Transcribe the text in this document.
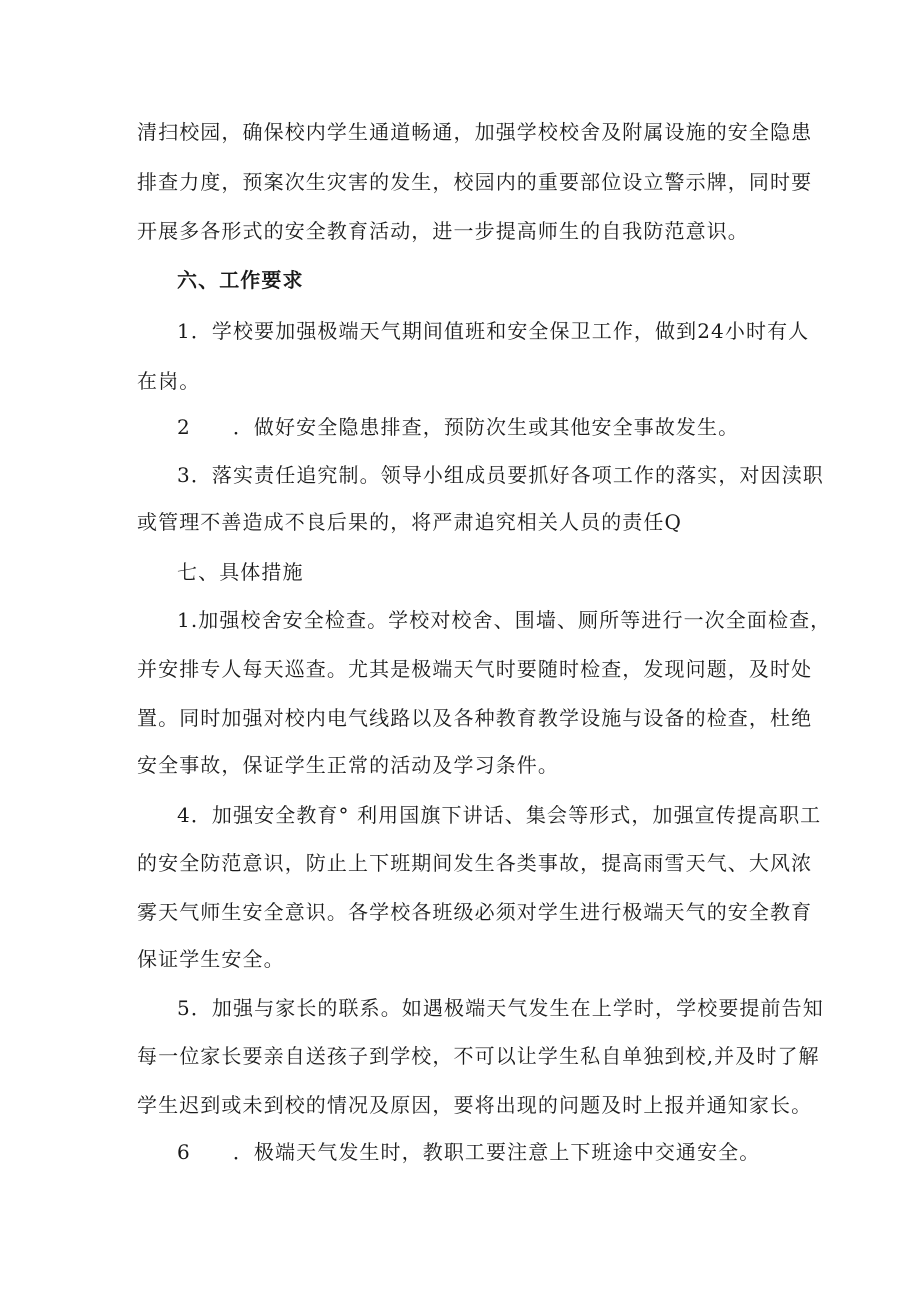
清扫校园，确保校内学生通道畅通，加强学校校舍及附属设施的安全隐患
排查力度，预案次生灾害的发生，校园内的重要部位设立警示牌，同时要
开展多各形式的安全教育活动，进一步提高师生的自我防范意识。
六、工作要求
1．学校要加强极端天气期间值班和安全保卫工作，做到24小时有人
在岗。
2 ．做好安全隐患排查，预防次生或其他安全事故发生。
3．落实责任追究制。领导小组成员要抓好各项工作的落实，对因渎职
或管理不善造成不良后果的，将严肃追究相关人员的责任Q
七、具体措施
1.加强校舍安全检查。学校对校舍、围墙、厕所等进行一次全面检查，
并安排专人每天巡查。尤其是极端天气时要随时检查，发现问题，及时处
置。同时加强对校内电气线路以及各种教育教学设施与设备的检查，杜绝
安全事故，保证学生正常的活动及学习条件。
4．加强安全教育° 利用国旗下讲话、集会等形式，加强宣传提高职工
的安全防范意识，防止上下班期间发生各类事故，提高雨雪天气、大风浓
雾天气师生安全意识。各学校各班级必须对学生进行极端天气的安全教育
保证学生安全。
5．加强与家长的联系。如遇极端天气发生在上学时，学校要提前告知
每一位家长要亲自送孩子到学校，不可以让学生私自单独到校,并及时了解
学生迟到或未到校的情况及原因，要将出现的问题及时上报并通知家长。
6 ．极端天气发生时，教职工要注意上下班途中交通安全。
